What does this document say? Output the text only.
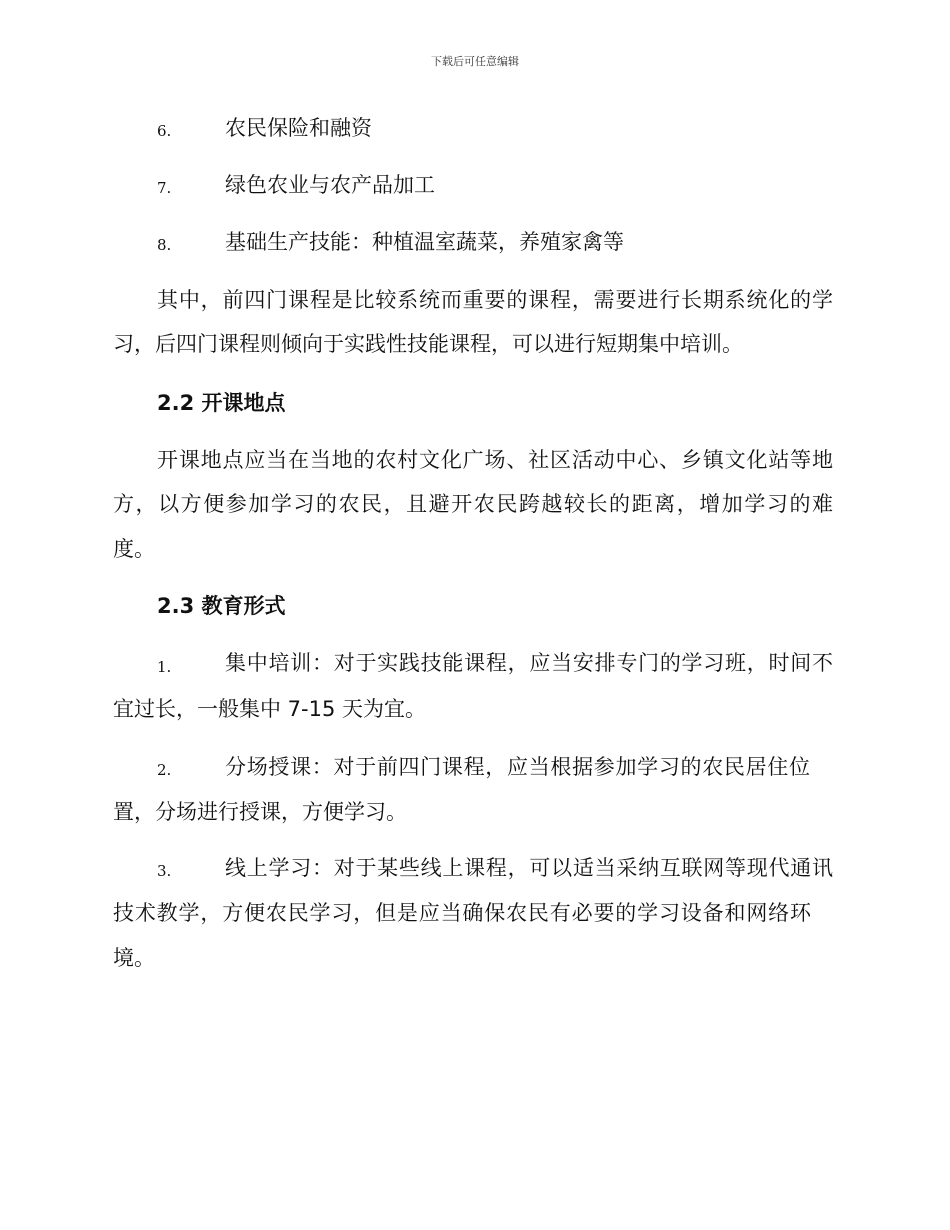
下载后可任意编辑
6.	农民保险和融资
7.	绿色农业与农产品加工
8.	基础生产技能：种植温室蔬菜，养殖家禽等
其中，前四门课程是比较系统而重要的课程，需要进行长期系统化的学
习，后四门课程则倾向于实践性技能课程，可以进行短期集中培训。
2.2 开课地点
开课地点应当在当地的农村文化广场、社区活动中心、乡镇文化站等地
方，以方便参加学习的农民，且避开农民跨越较长的距离，增加学习的难
度。
2.3 教育形式
1.	集中培训：对于实践技能课程，应当安排专门的学习班，时间不
宜过长，一般集中 7-15 天为宜。
2.	分场授课：对于前四门课程，应当根据参加学习的农民居住位
置，分场进行授课，方便学习。
3.	线上学习：对于某些线上课程，可以适当采纳互联网等现代通讯
技术教学，方便农民学习，但是应当确保农民有必要的学习设备和网络环
境。
